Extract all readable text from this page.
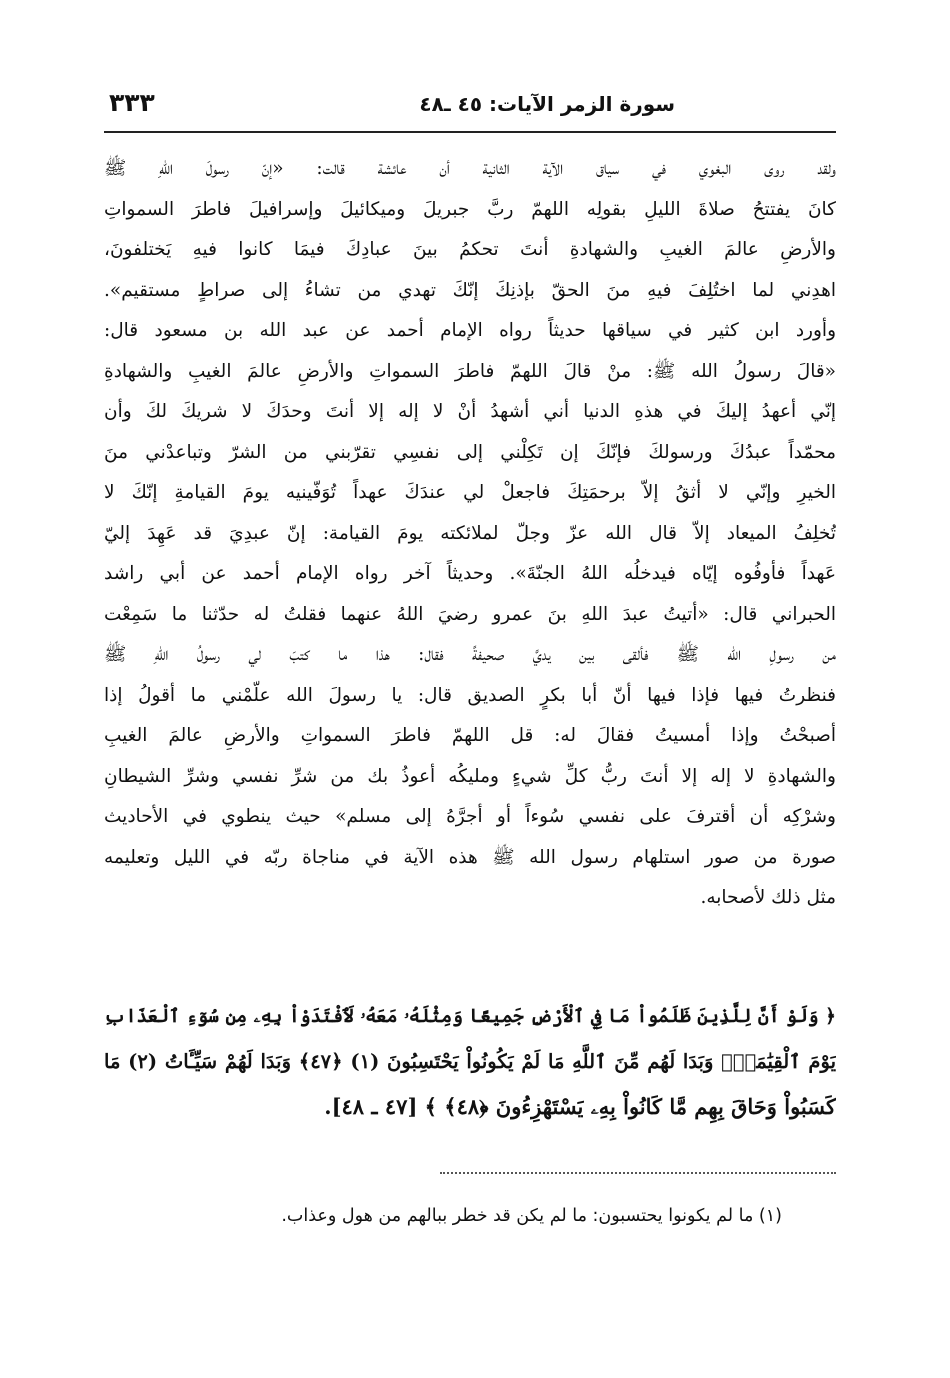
سورة الزمر الآيات: ٤٥ ـ٤٨
٣٣٣
ولقد روى البغوي في سياق الآية الثانية أن عائشة قالت: «إنّ رسولَ اللهِ ﷺ
كانَ يفتتحُ صلاةَ الليلِ بقولِه اللهمّ ربَّ جبريلَ وميكائيلَ وإسرافيلَ فاطرَ السمواتِ
والأرضِ عالمَ الغيبِ والشهادةِ أنتَ تحكمُ بينَ عبادِكَ فيمَا كانوا فيهِ يَختلفونَ،
اهدِني لما اختُلِفَ فيهِ منَ الحقّ بإذنِكَ إنّكَ تهدي من تشاءُ إلى صراطٍ مستقيم».
وأورد ابن كثير في سياقها حديثاً رواه الإمام أحمد عن عبد الله بن مسعود قال:
«قالَ رسولُ الله ﷺ: منْ قالَ اللهمّ فاطرَ السمواتِ والأرضِ عالمَ الغيبِ والشهادةِ
إنّي أعهدُ إليكَ في هذهِ الدنيا أني أشهدُ أنْ لا إله إلا أنتَ وحدَكَ لا شريكَ لكَ وأن
محمّداً عبدُكَ ورسولكَ فإنّكَ إن تَكِلْني إلى نفسِي تقرّبني من الشرّ وتباعدْني منَ
الخيرِ وإنّي لا أثقُ إلاّ برحمَتِكَ فاجعلْ لي عندَكَ عهداً تُوَفّينيه يومَ القيامةِ إنّكَ لا
تُخلِفُ الميعاد إلاّ قال الله عزّ وجلّ لملائكته يومَ القيامة: إنّ عبدِيَ قد عَهِدَ إليّ
عَهداً فأوفُوه إيّاه فيدخلُه اللهُ الجنّةَ». وحديثاً آخر رواه الإمام أحمد عن أبي راشد
الحبراني قال: «أتيتُ عبدَ اللهِ بنَ عمرو رضيَ اللهُ عنهما فقلتُ له حدّثنا ما سَمِعْت
من رسولِ الله ﷺ فألقى بين يديَّ صحيفةً فقال: هذا ما كتبَ لي رسولُ اللهِ ﷺ
فنظرتُ فيها فإذا فيها أنّ أبا بكرٍ الصديق قال: يا رسولَ الله علّمْني ما أقولُ إذا
أصبحْتُ وإذا أمسيتُ فقالَ له: قل اللهمّ فاطرَ السمواتِ والأرضِ عالمَ الغيبِ
والشهادةِ لا إله إلا أنتَ ربُّ كلِّ شيءٍ ومليكُه أعوذُ بك من شرِّ نفسي وشرِّ الشيطانِ
وشرْكِه أن أقترفَ على نفسي سُوءاً أو أجرَّهُ إلى مسلم» حيث ينطوي في الأحاديث
صورة من صور استلهام رسول الله ﷺ هذه الآية في مناجاة ربّه في الليل وتعليمه
مثل ذلك لأصحابه.
﴿ وَلَوْ أَنَّ لِلَّذِينَ ظَلَمُواْ مَا فِي ٱلْأَرْضِ جَمِيعًا وَمِثْلَهُۥ مَعَهُۥ لَٱفْتَدَوْاْ بِهِۦ مِن سُوٓءِ ٱلْعَذَابِ
يَوْمَ ٱلْقِيَٰمَةِۚ وَبَدَا لَهُم مِّنَ ٱللَّهِ مَا لَمْ يَكُونُواْ يَحْتَسِبُونَ (١) ﴿٤٧﴾ وَبَدَا لَهُمْ سَيِّـَٔاتُ (٢) مَا
كَسَبُواْ وَحَاقَ بِهِم مَّا كَانُواْ بِهِۦ يَسْتَهْزِءُونَ ﴿٤٨﴾ ﴾ [٤٧ ـ ٤٨].
(١) ما لم يكونوا يحتسبون: ما لم يكن قد خطر ببالهم من هول وعذاب.
